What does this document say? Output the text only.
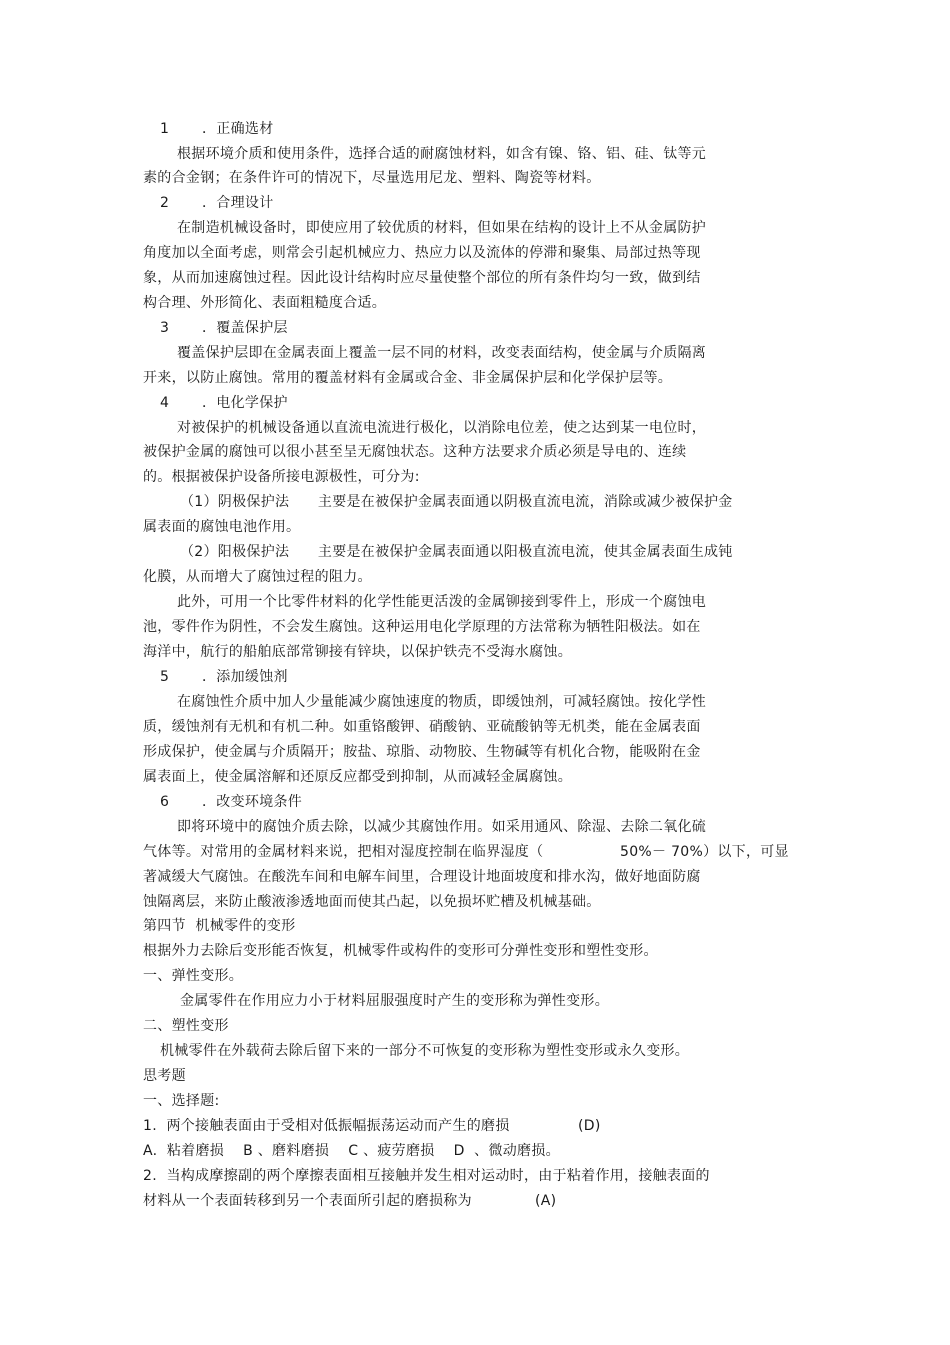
1 ．正确选材
根据环境介质和使用条件，选择合适的耐腐蚀材料，如含有镍、铬、铝、硅、钛等元
素的合金钢；在条件许可的情况下，尽量选用尼龙、塑料、陶瓷等材料。
2 ．合理设计
在制造机械设备时，即使应用了较优质的材料，但如果在结构的设计上不从金属防护
角度加以全面考虑，则常会引起机械应力、热应力以及流体的停滞和聚集、局部过热等现
象，从而加速腐蚀过程。因此设计结构时应尽量使整个部位的所有条件均匀一致，做到结
构合理、外形简化、表面粗糙度合适。
3 ．覆盖保护层
覆盖保护层即在金属表面上覆盖一层不同的材料，改变表面结构，使金属与介质隔离
开来，以防止腐蚀。常用的覆盖材料有金属或合金、非金属保护层和化学保护层等。
4 ．电化学保护
对被保护的机械设备通以直流电流进行极化，以消除电位差，使之达到某一电位时，
被保护金属的腐蚀可以很小甚至呈无腐蚀状态。这种方法要求介质必须是导电的、连续
的。根据被保护设备所接电源极性，可分为:
（1）阴极保护法　　主要是在被保护金属表面通以阴极直流电流，消除或减少被保护金
属表面的腐蚀电池作用。
（2）阳极保护法　　主要是在被保护金属表面通以阳极直流电流，使其金属表面生成钝
化膜，从而增大了腐蚀过程的阻力。
此外，可用一个比零件材料的化学性能更活泼的金属铆接到零件上，形成一个腐蚀电
池，零件作为阴性，不会发生腐蚀。这种运用电化学原理的方法常称为牺牲阳极法。如在
海洋中，航行的船舶底部常铆接有锌块，以保护铁壳不受海水腐蚀。
5 ．添加缓蚀剂
在腐蚀性介质中加人少量能减少腐蚀速度的物质，即缓蚀剂，可减轻腐蚀。按化学性
质，缓蚀剂有无机和有机二种。如重铬酸钾、硝酸钠、亚硫酸钠等无机类，能在金属表面
形成保护，使金属与介质隔开；胺盐、琼脂、动物胶、生物碱等有机化合物，能吸附在金
属表面上，使金属溶解和还原反应都受到抑制，从而减轻金属腐蚀。
6 ．改变环境条件
即将环境中的腐蚀介质去除，以减少其腐蚀作用。如采用通风、除湿、去除二氧化硫
气体等。对常用的金属材料来说，把相对湿度控制在临界湿度（	50%－ 70%）以下，可显
著减缓大气腐蚀。在酸洗车间和电解车间里，合理设计地面坡度和排水沟，做好地面防腐
蚀隔离层，来防止酸液渗透地面而使其凸起，以免损坏贮槽及机械基础。
第四节  机械零件的变形
根据外力去除后变形能否恢复，机械零件或构件的变形可分弹性变形和塑性变形。
一、弹性变形。
金属零件在作用应力小于材料屈服强度时产生的变形称为弹性变形。
二、塑性变形
机械零件在外载荷去除后留下来的一部分不可恢复的变形称为塑性变形或永久变形。
思考题
一、选择题:
1.  两个接触表面由于受相对低振幅振荡运动而产生的磨损	(D)
A.  粘着磨损    B 、磨料磨损    C 、疲劳磨损    D  、微动磨损。
2.  当构成摩擦副的两个摩擦表面相互接触并发生相对运动时，由于粘着作用，接触表面的
材料从一个表面转移到另一个表面所引起的磨损称为	(A)
